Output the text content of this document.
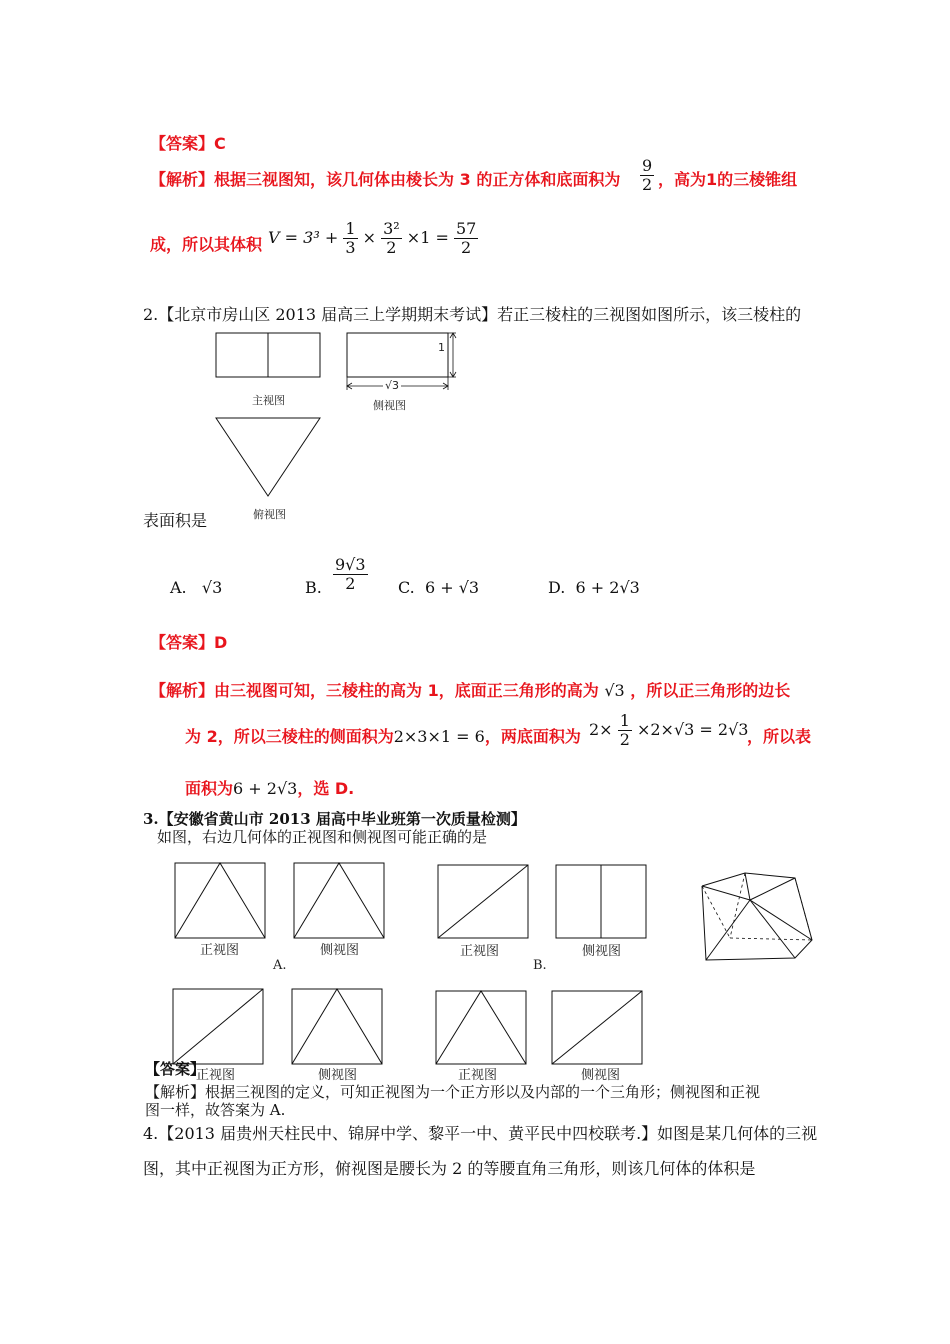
【答案】C
【解析】根据三视图知，该几何体由棱长为 3 的正方体和底面积为 $\frac{9}{2}$ ，高为1的三棱锥组
成，所以其体积 $V = 3^3 + \frac{1}{3} \times \frac{\text{3²}}{2} \times 1 = \frac{57}{2}$
2.【北京市房山区 2013 届高三上学期期末考试】若正三棱柱的三视图如图所示，该三棱柱的
1
√3
主视图	侧视图
俯视图
表面积是
A. √3	B. $\frac{9√3}{2} C$. 6 + √3	D. 6 + 2√3
【答案】D
【解析】由三视图可知，三棱柱的高为 1，底面正三角形的高为 √3 ，所以正三角形的边长
为 2，所以三棱柱的侧面积为2×3×1 = 6，两底面积为 $2\times \frac{1}{2} \times 2\times√3 = 2√3$
，所以表
面积为6 + 2√3，选 D.
3.【安徽省黄山市 2013 届高中毕业班第一次质量检测】
如图，右边几何体的正视图和侧视图可能正确的是
正视图	侧视图	正视图	侧视图
A.	B.
正视图	侧视图	正视图	侧视图
【答案】
【解析】根据三视图的定义，可知正视图为一个正方形以及内部的一个三角形；侧视图和正视
图一样，故答案为 A.
4.【2013 届贵州天柱民中、锦屏中学、黎平一中、黄平民中四校联考.】如图是某几何体的三视
图，其中正视图为正方形，俯视图是腰长为 2 的等腰直角三角形，则该几何体的体积是
